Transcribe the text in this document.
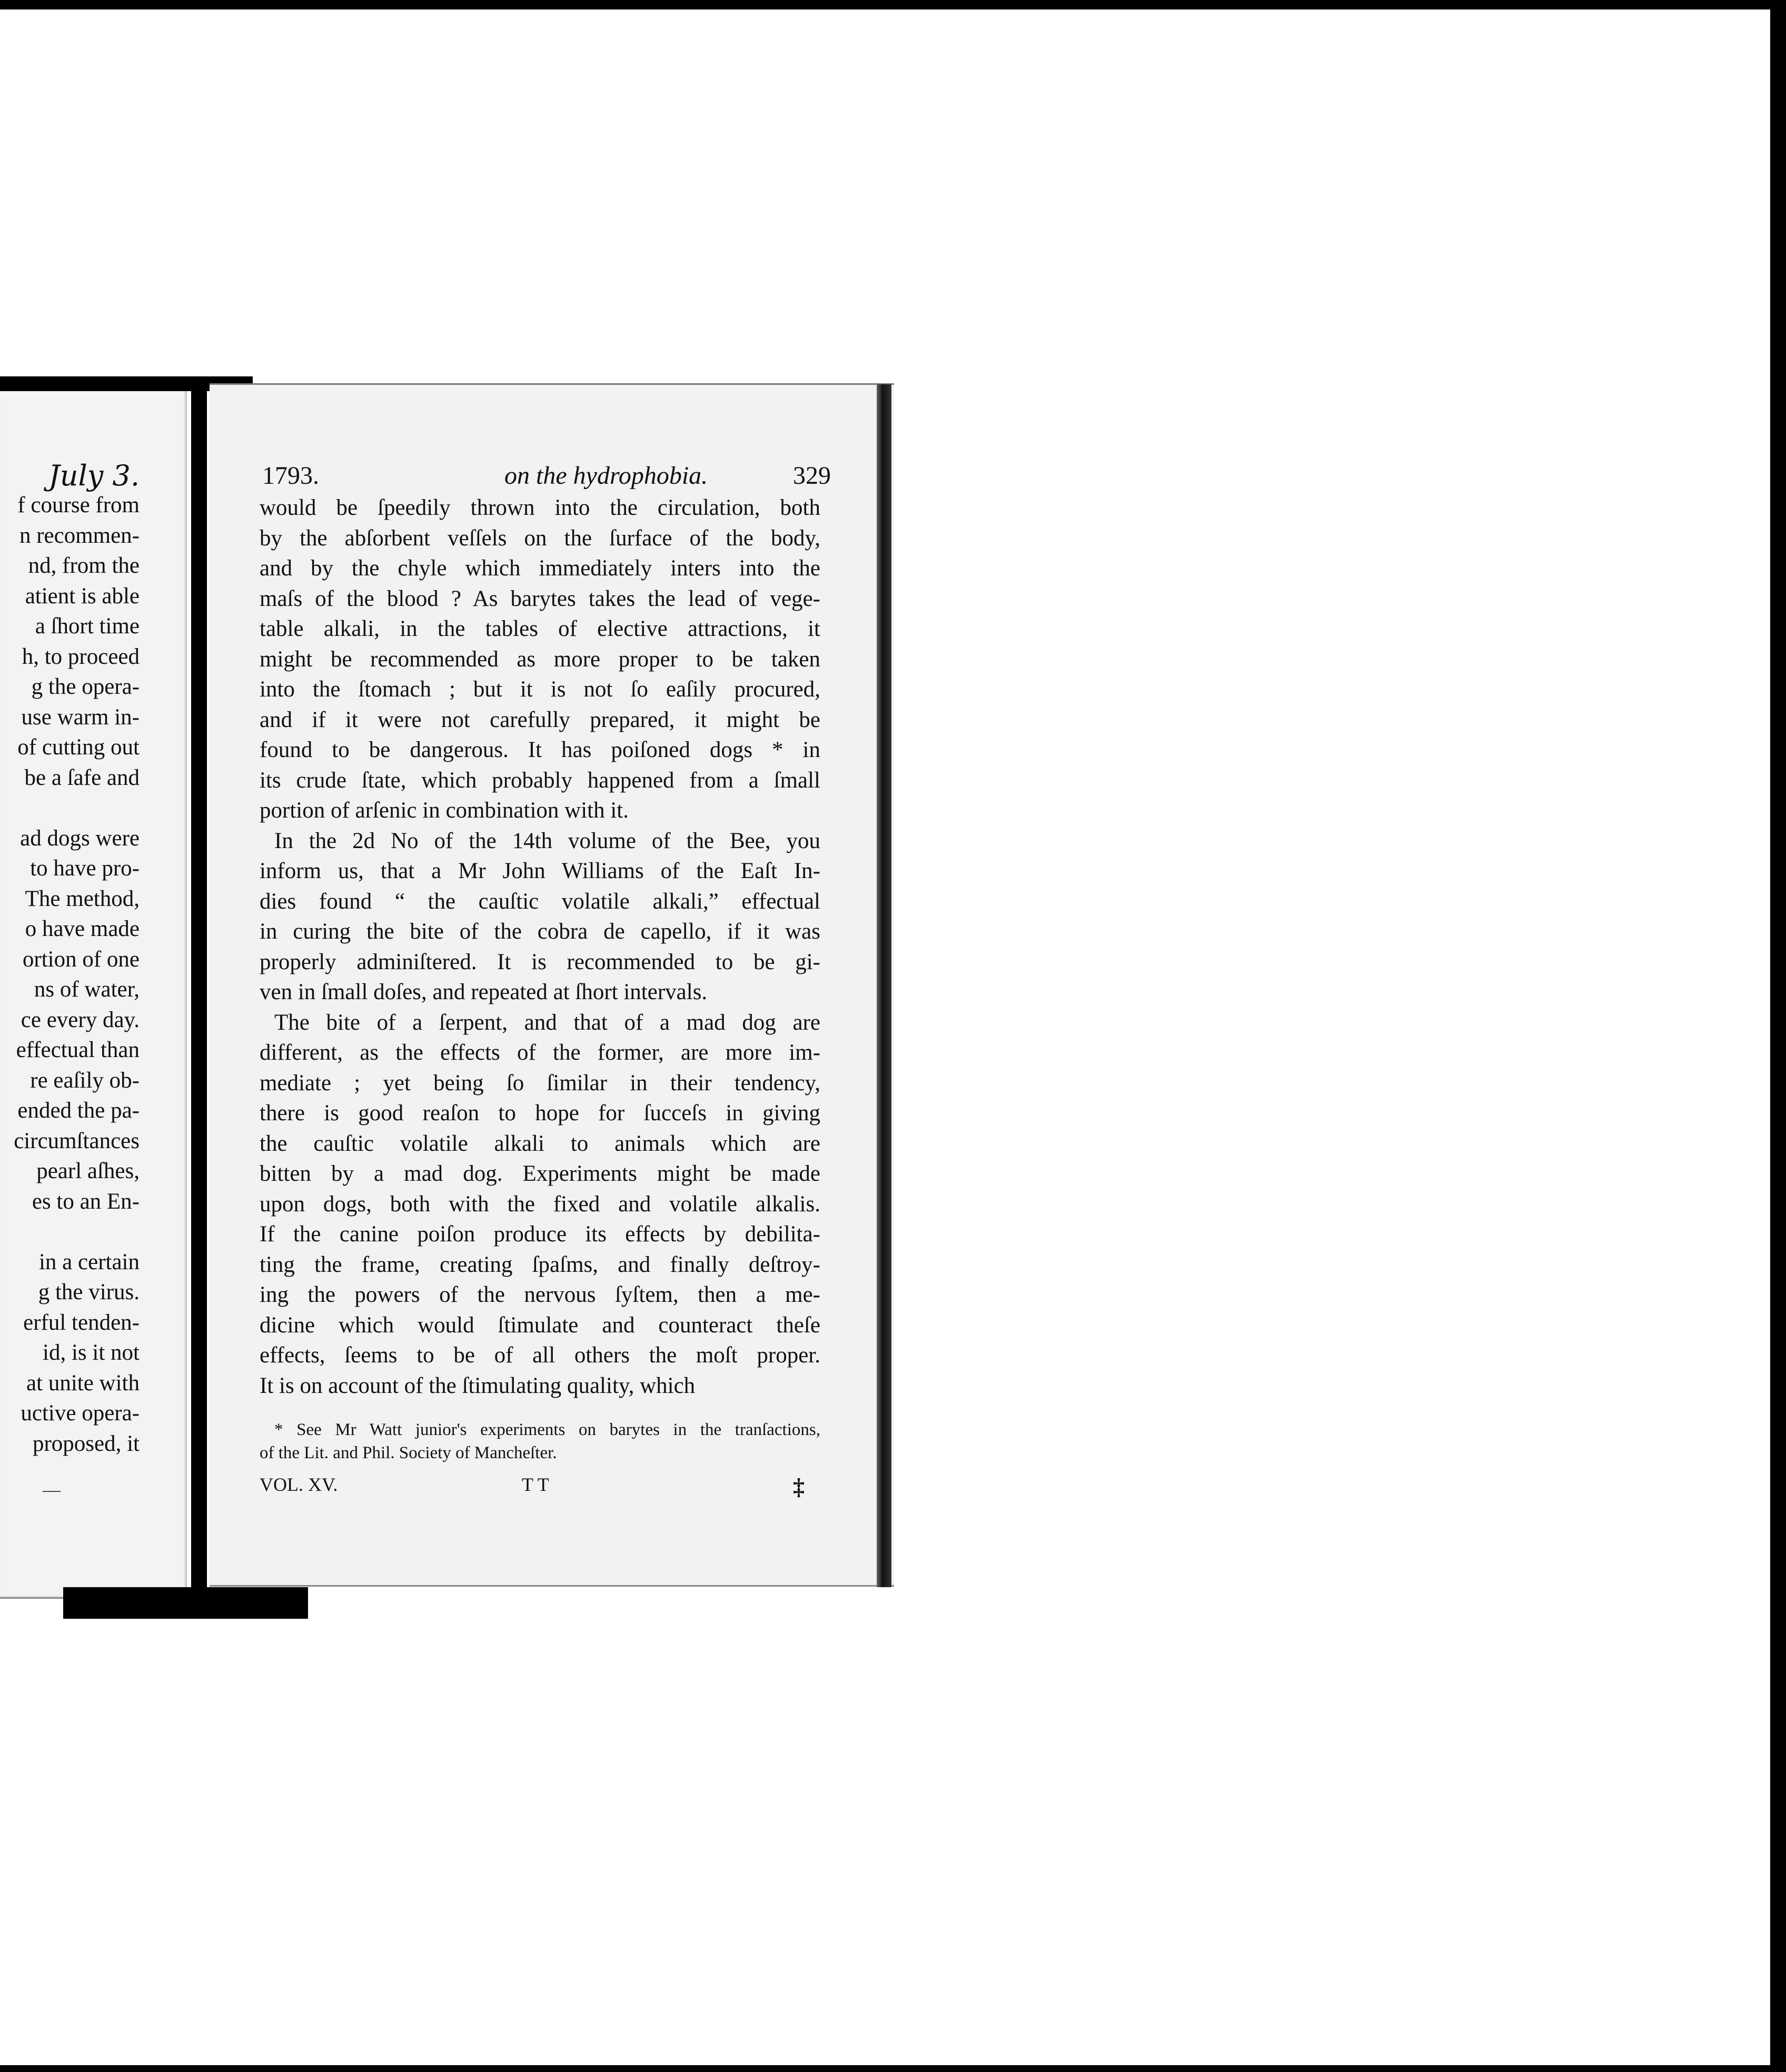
July 3.
f course from
n recommen-
nd, from the
atient is able
a ſhort time
h, to proceed
g the opera-
use warm in-
of cutting out
be a ſafe and
ad dogs were
to have pro-
The method,
o have made
ortion of one
ns of water,
ce every day.
effectual than
re eaſily ob-
ended the pa-
circumſtances
pearl aſhes,
es to an En-
in a certain
g the virus.
erful tenden-
id, is it not
at unite with
uctive opera-
proposed, it
—
1793.	on the hydrophobia.	329
would be ſpeedily thrown into the circulation, both
by the abſorbent veſſels on the ſurface of the body,
and by the chyle which immediately inters into the
maſs of the blood ? As barytes takes the lead of vege-
table alkali, in the tables of elective attractions, it
might be recommended as more proper to be taken
into the ſtomach ; but it is not ſo eaſily procured,
and if it were not carefully prepared, it might be
found to be dangerous. It has poiſoned dogs * in
its crude ſtate, which probably happened from a ſmall
portion of arſenic in combination with it.
In the 2d No of the 14th volume of the Bee, you
inform us, that a Mr John Williams of the Eaſt In-
dies found “ the cauſtic volatile alkali,” effectual
in curing the bite of the cobra de capello, if it was
properly adminiſtered. It is recommended to be gi-
ven in ſmall doſes, and repeated at ſhort intervals.
The bite of a ſerpent, and that of a mad dog are
different, as the effects of the former, are more im-
mediate ; yet being ſo ſimilar in their tendency,
there is good reaſon to hope for ſucceſs in giving
the cauſtic volatile alkali to animals which are
bitten by a mad dog. Experiments might be made
upon dogs, both with the fixed and volatile alkalis.
If the canine poiſon produce its effects by debilita-
ting the frame, creating ſpaſms, and finally deſtroy-
ing the powers of the nervous ſyſtem, then a me-
dicine which would ſtimulate and counteract theſe
effects, ſeems to be of all others the moſt proper.
It is on account of the ſtimulating quality, which
* See Mr Watt junior's experiments on barytes in the tranſactions,
of the Lit. and Phil. Society of Mancheſter.
VOL. XV.	T T	‡
